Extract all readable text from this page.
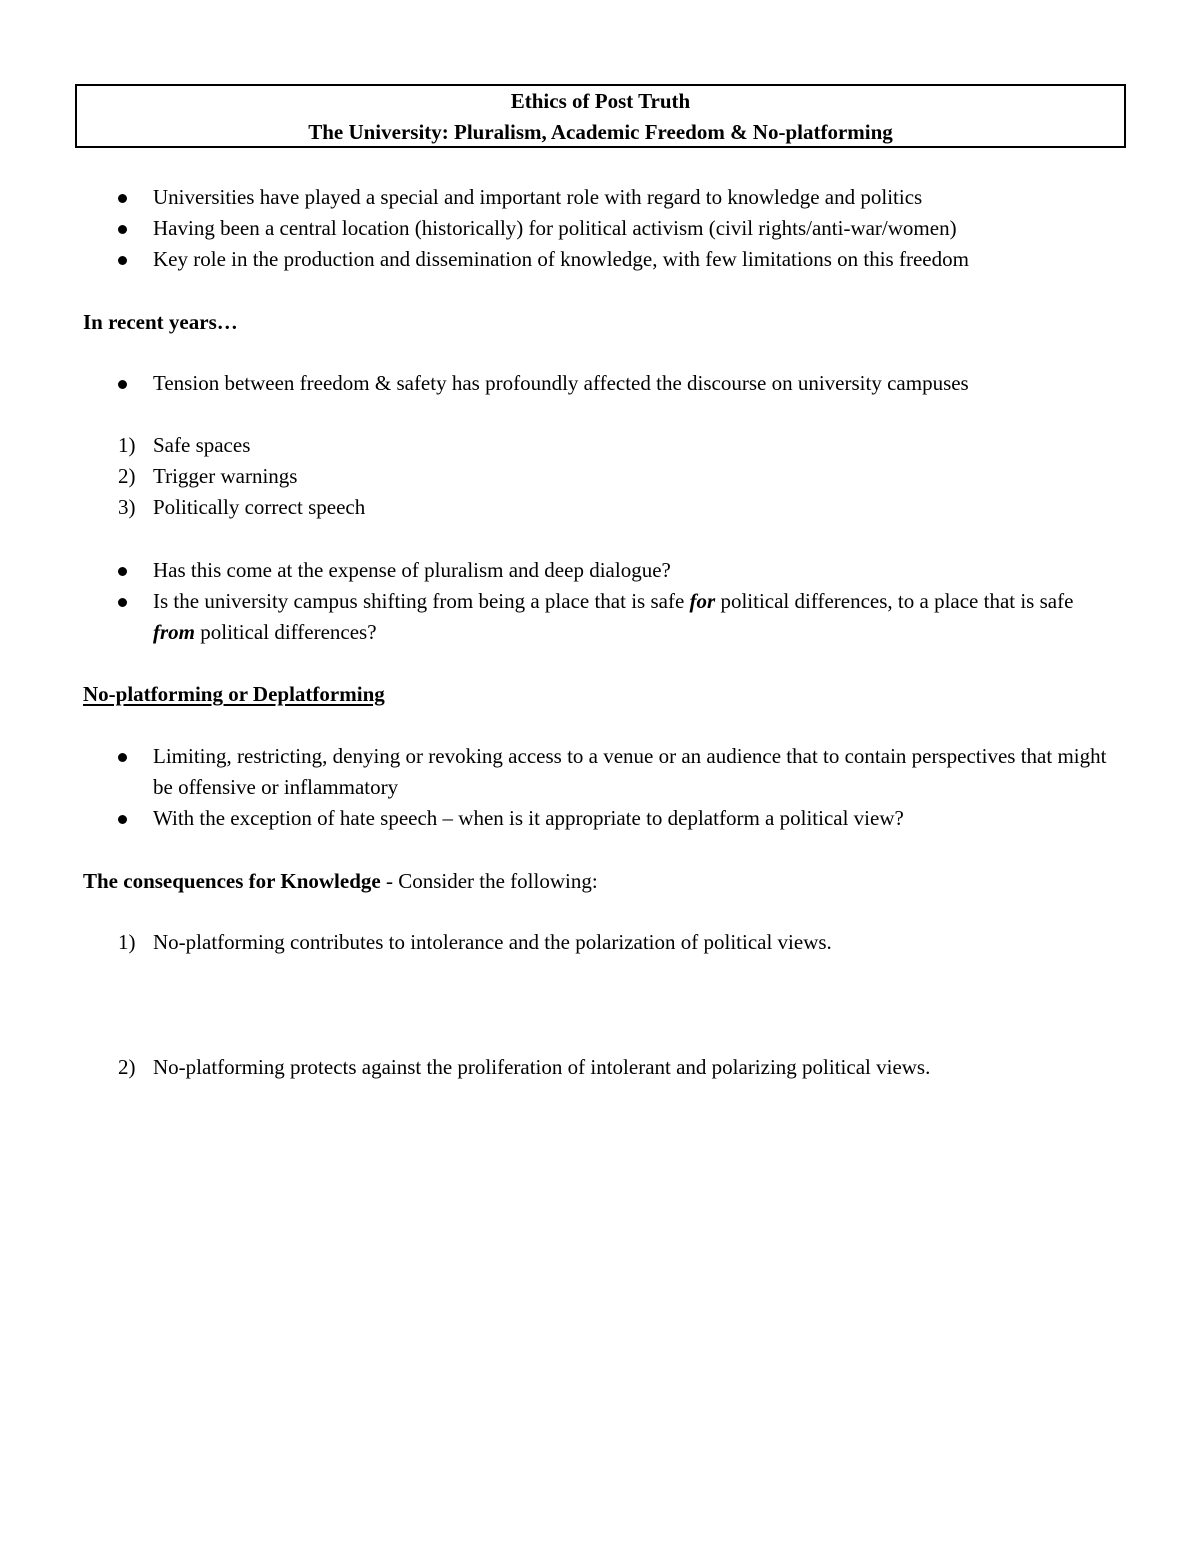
Ethics of Post Truth
The University: Pluralism, Academic Freedom & No-platforming
Universities have played a special and important role with regard to knowledge and politics
Having been a central location (historically) for political activism (civil rights/anti-war/women)
Key role in the production and dissemination of knowledge, with few limitations on this freedom
In recent years…
Tension between freedom & safety has profoundly affected the discourse on university campuses
1) Safe spaces
2) Trigger warnings
3) Politically correct speech
Has this come at the expense of pluralism and deep dialogue?
Is the university campus shifting from being a place that is safe for political differences, to a place that is safe from political differences?
No-platforming or Deplatforming
Limiting, restricting, denying or revoking access to a venue or an audience that to contain perspectives that might be offensive or inflammatory
With the exception of hate speech – when is it appropriate to deplatform a political view?
The consequences for Knowledge - Consider the following:
1) No-platforming contributes to intolerance and the polarization of political views.
2) No-platforming protects against the proliferation of intolerant and polarizing political views.
